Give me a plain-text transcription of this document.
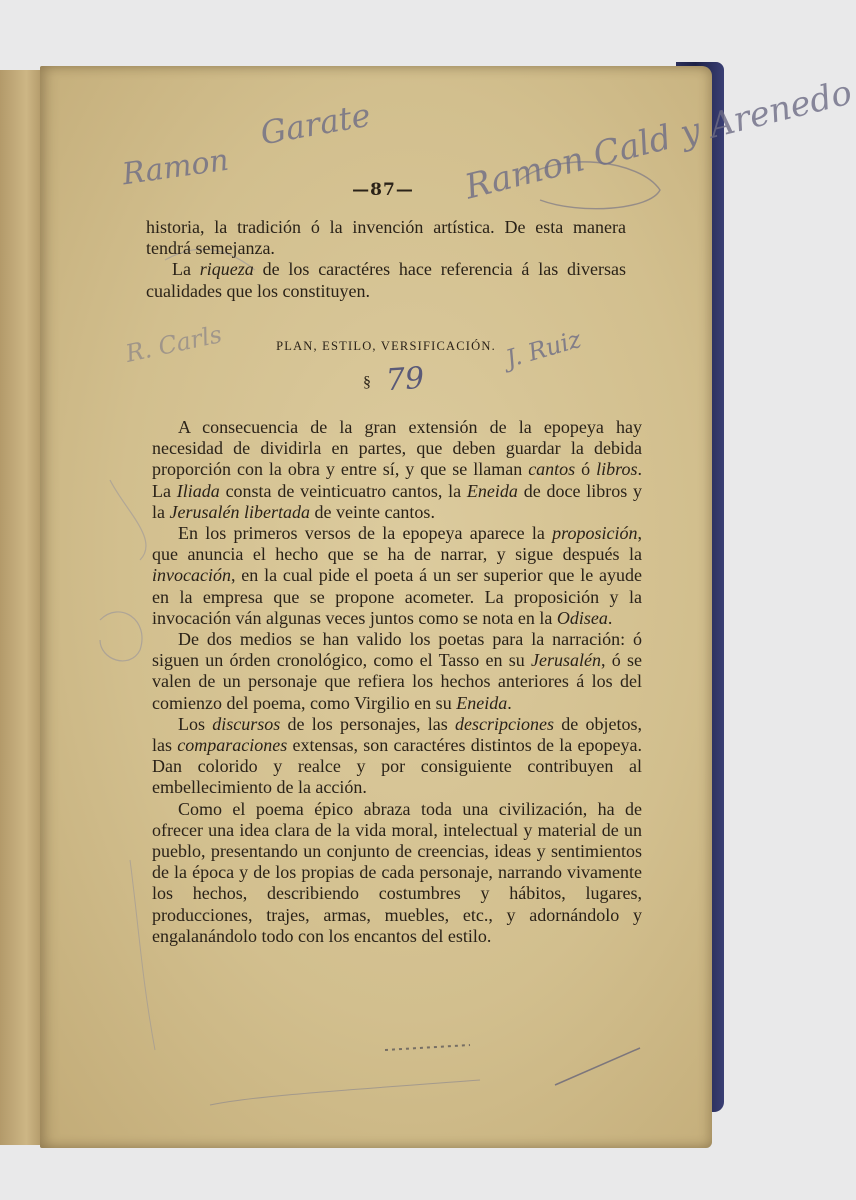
Ramon
Garate	Ramon Cald y Arenedo
J. Ruiz
R. Carls
—87—

historia, la tradición ó la invención artística. De esta manera tendrá semejanza.

La riqueza de los caractéres hace referencia á las diversas cualidades que los constituyen.

PLAN, ESTILO, VERSIFICACIÓN.
§ 79

A consecuencia de la gran extensión de la epopeya hay necesidad de dividirla en partes, que deben guardar la debida proporción con la obra y entre sí, y que se llaman cantos ó libros. La Iliada consta de veinticuatro cantos, la Eneida de doce libros y la Jerusalén libertada de veinte cantos.

En los primeros versos de la epopeya aparece la proposición, que anuncia el hecho que se ha de narrar, y sigue después la invocación, en la cual pide el poeta á un ser superior que le ayude en la empresa que se propone acometer. La proposición y la invocación ván algunas veces juntos como se nota en la Odisea.

De dos medios se han valido los poetas para la narración: ó siguen un órden cronológico, como el Tasso en su Jerusalén, ó se valen de un personaje que refiera los hechos anteriores á los del comienzo del poema, como Virgilio en su Eneida.

Los discursos de los personajes, las descripciones de objetos, las comparaciones extensas, son caractéres distintos de la epopeya. Dan colorido y realce y por consiguiente contribuyen al embellecimiento de la acción.

Como el poema épico abraza toda una civilización, ha de ofrecer una idea clara de la vida moral, intelectual y material de un pueblo, presentando un conjunto de creencias, ideas y sentimientos de la época y de los propias de cada personaje, narrando vivamente los hechos, describiendo costumbres y hábitos, lugares, producciones, trajes, armas, muebles, etc., y adornándolo y engalanándolo todo con los encantos del estilo.
